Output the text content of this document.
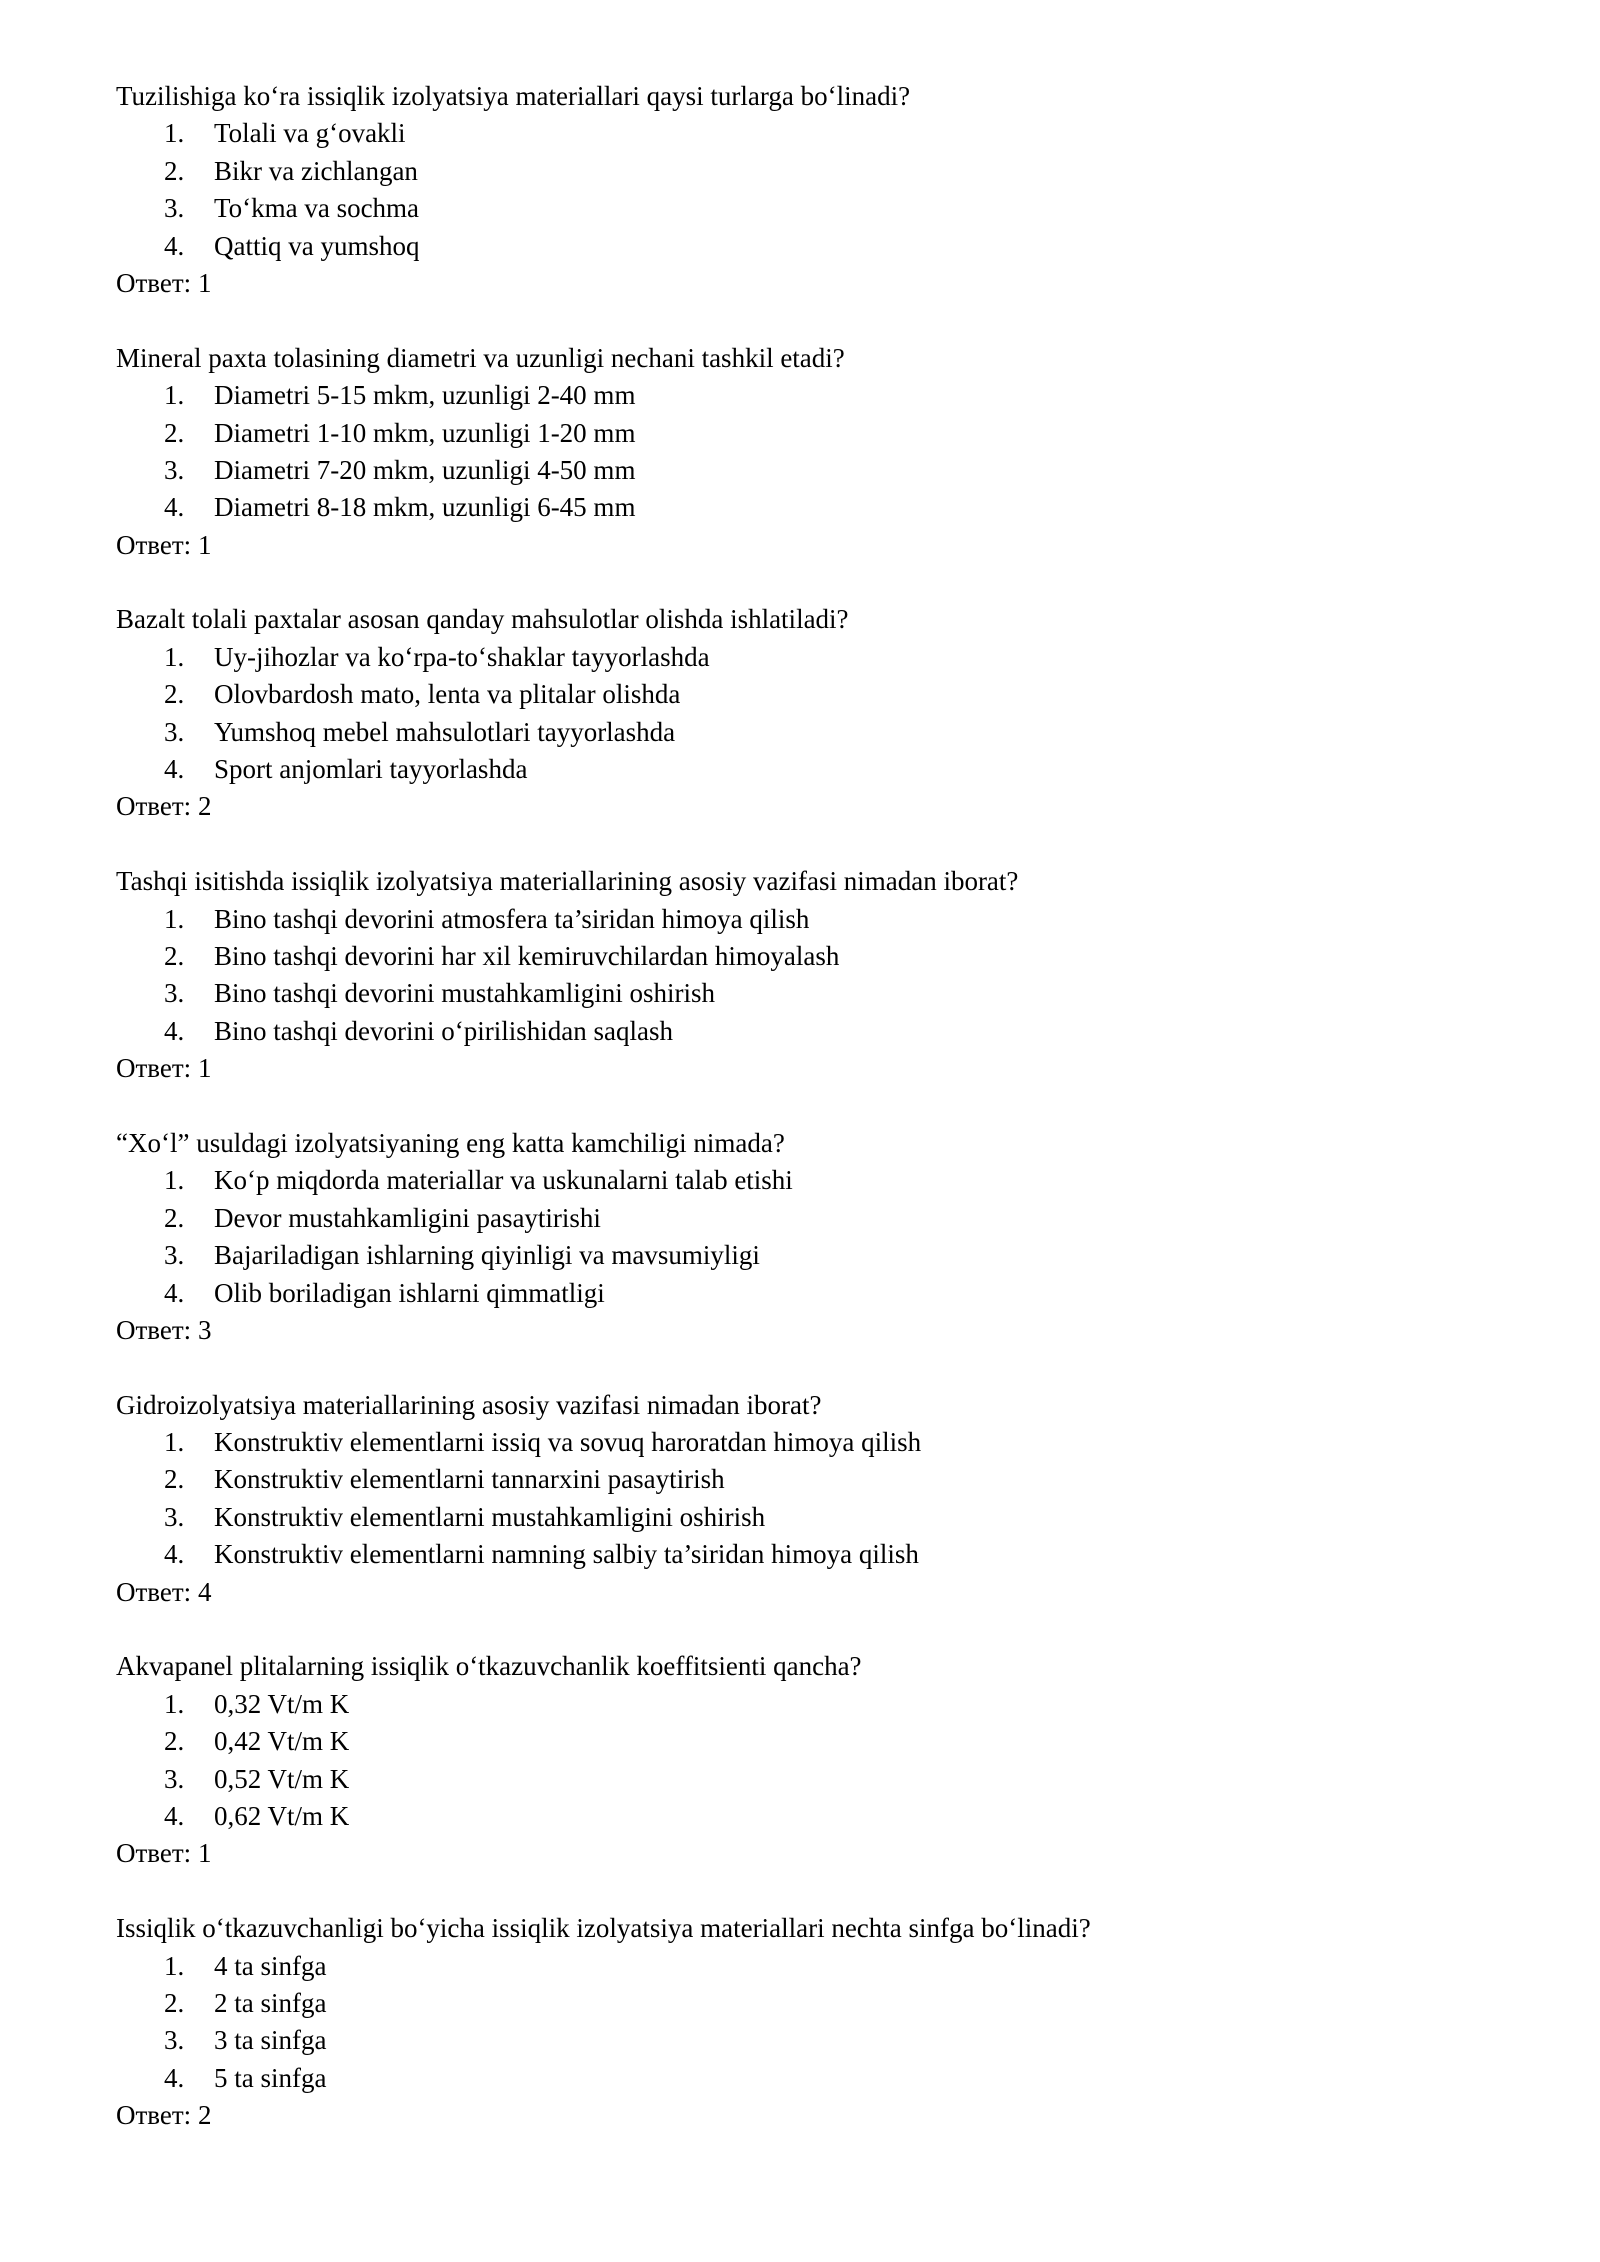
Tuzilishiga ko‘ra issiqlik izolyatsiya materiallari qaysi turlarga bo‘linadi?
1. Tolali va g‘ovakli
2. Bikr va zichlangan
3. To‘kma va sochma
4. Qattiq va yumshoq
Ответ: 1
Mineral paxta tolasining diametri va uzunligi nechani tashkil etadi?
1. Diametri 5-15 mkm, uzunligi 2-40 mm
2. Diametri 1-10 mkm, uzunligi 1-20 mm
3. Diametri 7-20 mkm, uzunligi 4-50 mm
4. Diametri 8-18 mkm, uzunligi 6-45 mm
Ответ: 1
Bazalt tolali paxtalar asosan qanday mahsulotlar olishda ishlatiladi?
1. Uy-jihozlar va ko‘rpa-to‘shaklar tayyorlashda
2. Olovbardosh mato, lenta va plitalar olishda
3. Yumshoq mebel mahsulotlari tayyorlashda
4. Sport anjomlari tayyorlashda
Ответ: 2
Tashqi isitishda issiqlik izolyatsiya materiallarining asosiy vazifasi nimadan iborat?
1. Bino tashqi devorini atmosfera ta’siridan himoya qilish
2. Bino tashqi devorini har xil kemiruvchilardan himoyalash
3. Bino tashqi devorini mustahkamligini oshirish
4. Bino tashqi devorini o‘pirilishidan saqlash
Ответ: 1
“Xo‘l” usuldagi izolyatsiyaning eng katta kamchiligi nimada?
1. Ko‘p miqdorda materiallar va uskunalarni talab etishi
2. Devor mustahkamligini pasaytirishi
3. Bajariladigan ishlarning qiyinligi va mavsumiyligi
4. Olib boriladigan ishlarni qimmatligi
Ответ: 3
Gidroizolyatsiya materiallarining asosiy vazifasi nimadan iborat?
1. Konstruktiv elementlarni issiq va sovuq haroratdan himoya qilish
2. Konstruktiv elementlarni tannarxini pasaytirish
3. Konstruktiv elementlarni mustahkamligini oshirish
4. Konstruktiv elementlarni namning salbiy ta’siridan himoya qilish
Ответ: 4
Akvapanel plitalarning issiqlik o‘tkazuvchanlik koeffitsienti qancha?
1. 0,32 Vt/m K
2. 0,42 Vt/m K
3. 0,52 Vt/m K
4. 0,62 Vt/m K
Ответ: 1
Issiqlik o‘tkazuvchanligi bo‘yicha issiqlik izolyatsiya materiallari nechta sinfga bo‘linadi?
1. 4 ta sinfga
2. 2 ta sinfga
3. 3 ta sinfga
4. 5 ta sinfga
Ответ: 2
